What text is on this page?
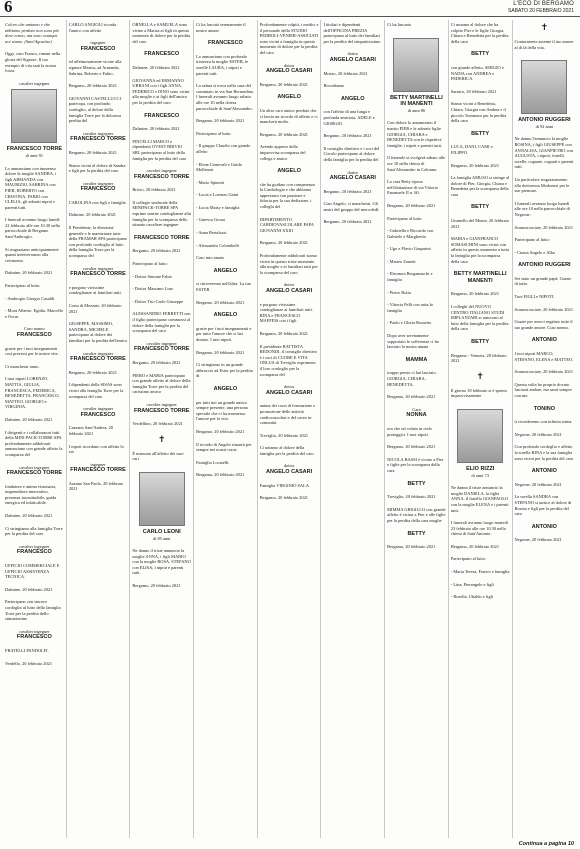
6	L'ECO DI BERGAMO
SABATO 20 FEBBRAIO 2021
Coloro che amiamo e che abbiamo perduto non sono più dove erano, ma sono ovunque noi siamo. (Sant'Agostino)
Oggi, caro Franco, rimani nella gloria del Signore. Il tuo esempio di vita sarà la nostra forza.
cavalier ingegner
FRANCESCO TORRE
di anni 91
Lo annunciano con immenso dolore la moglie SANDRA, i figli ARMANDA con MAURIZIO, SABRINA con PIER, ROBERTO con CRISTINA, FABIO con CLELIA, gli adorati nipoti e parenti tutti.
I funerali avranno luogo lunedì 22 febbraio alle ore 10.30 nella parrocchiale di Bergamo Sant'Ambrogio.
Si ringraziano anticipatamente quanti interverranno alla cerimonia.
Dalmine, 20 febbraio 2021
Partecipano al lutto:
- Ambrogio Giorgio Casaldi
- Mora Alberto, Egidia, Marcello e Oscar
Caro nonno
FRANCESCO
grazie per i tuoi insegnamenti così preziosi per le nostre vite.
Ci mancherai tanto.
I tuoi nipoti LORENZO, MATTIA, GIULIA, FRANCESCA, FEDERICA, BENEDETTA, FRANCESCO, MATTEO, GIORGIO e VIRGINIA.
Dalmine, 20 febbraio 2021
I dirigenti e i collaboratori tutti della MINI PACK-TORRE SPA profondamente addolorati annunciano con grande affetto la scomparsa del
cavalier ingegner
FRANCESCO TORRE
fondatore e anima visionaria, imprenditore innovativo, presenza insostituibile, guida energica ed infaticabile.
Dalmine, 20 febbraio 2021
Ci stringiamo alla famiglia Torre per la perdita del caro
cavalier ingegner
FRANCESCO
UFFICIO COMMERCIALE E UFFICIO ASSISTENZA TECNICA.
Dalmine, 20 febbraio 2021
Partecipano con sincero cordoglio al lutto della famiglia Torre per la perdita dello stimatissimo
cavalier ingegner
FRANCESCO
FRATELLI PANDOLFI.
Verdello, 20 febbraio 2021
CARLO ANGIOLI ricorda l'amico con affetto
ingegner
FRANCESCO
ed affettuosamente vicino alla signora Marisa, ad Armanda, Sabrina, Roberto e Fabio.
Bergamo, 20 febbraio 2021
GIOVANNI CASTELLUCCI partecipa, con profondo cordoglio, al dolore della famiglia Torre per la dolorosa perdita del
cavalier ingegner
FRANCESCO TORRE
Bergamo, 20 febbraio 2021
Siamo vicini al dolore di Sandra e figli per la perdita del caro
cavalier ingegner
FRANCESCO
CAROLINA con figli e famiglie.
Dalmine, 20 febbraio 2021
Il Presidente, la direzione generale e le maestranze tutte della FRAMAR SPA partecipano con profondo cordoglio al lutto della famiglia Torre per la scomparsa del
cavalier ingegner
FRANCESCO TORRE
e porgono vivissime condoglianze ai familiari tutti.
Costa di Mezzate, 20 febbraio 2021
GIUSEPPE, MASSIMO, SANDRA, MICHELE partecipano al dolore dei familiari per la perdita dell'amico
cavalier ingegner
FRANCESCO TORRE
Bergamo, 20 febbraio 2021
I dipendenti della SISAS sono vicini alla famiglia Torre per la scomparsa del caro
cavalier ingegner
FRANCESCO
Cazzano Sant'Andrea, 20 febbraio 2021
I nipoti ricordano con affetto lo zio
ingegner
FRANCESCO TORRE
Azzano San Paolo, 20 febbraio 2021
ORNELLA e SAMUELA sono vicine a Marisa ai figli in questo momento di dolore per la perdita del caro
FRANCESCO
Dalmine, 20 febbraio 2021
GIOVANNA ed ERMANNO URBANI con i figli ANNA, FEDERICO e DINO sono vicini alla moglie e ai figli dell'amico per la perdita del caro
FRANCESCO
Dalmine, 20 febbraio 2021
PINCELLI MARCO e dipendenti OVEST BRIVIO SRL partecipano al lutto della famiglia per la perdita del caro
cavalier ingegner
FRANCESCO TORRE
Brivio, 20 febbraio 2021
Il collegio sindacale della MINIPACK-TORRE SPA esprime sentite condoglianze alla famiglia per la scomparsa dello stimato cavaliere ingegner
FRANCESCO TORRE
Bergamo, 20 febbraio 2021
Partecipano al lutto:
- Dottor Simone Fabio
- Dottor Massimo Lino
- Dottor Tito Carlo Giuseppe
ALESSANDRO FERRETTI con il figlio partecipano commossi al dolore della famiglia per la scomparsa del caro
cavalier ingegner
FRANCESCO TORRE
Bergamo, 20 febbraio 2021
PIERO e MARIA partecipano con grande affetto al dolore della famiglia Torre per la perdita del carissimo amico
cavalier ingegner
FRANCESCO TORRE
Verdellino, 20 febbraio 2021
✝
È mancato all'affetto dei suoi cari
CARLO LEONI
di 85 anni
Ne danno il triste annuncio la moglie ANNA, i figli MARIO con la moglie ROSA, STEFANO con ELISA, i nipoti e parenti tutti.
Bergamo, 20 febbraio 2021
Ci ha lasciati serenamente il nostro amato
FRANCESCO
Lo annunciano con profondo tristezza la moglie ESTER, le sorelle LAURA, i nipoti e parenti tutti.
La salma si trova nella casa del commiato in via San Bernardino. I funerali avranno luogo sabato alle ore 10 nella chiesa parrocchiale di Sant'Alessandro.
Bergamo, 20 febbraio 2021
Partecipano al lutto:
- Il gruppo Claudio con grande affetto
- Elena Carnevali e Guido Mollenari
- Mario Spinetti
- Lucia e Lorenzo Gaini
- Lucia Maisy e famiglia
- Ginevra Grossi
- Anna Bertalossi
- Alessandro Colombelli
Caro mio amato
ANGELO
ci ritroveremo nell'altra. La tua ESTER.
Bergamo, 20 febbraio 2021
ANGELO
grazie per i tuoi insegnamenti e per tutto l'amore che ci hai donato. I tuoi nipoti.
Bergamo, 20 febbraio 2021
Ci stringiamo in un grande abbraccio ad Ester per la perdita di
ANGELO
per tutti noi un grande amico sempre presente, una persona speciale che ci ha trasmesso l'amore per la vita.
Bergamo, 20 febbraio 2021
Il ricordo di Angelo rimarrà per sempre nei nostri cuori.
Famiglia Locatelli.
Bergamo, 20 febbraio 2021
Profondamente colpiti, i medici e il personale dello STUDIO PEDROLI-VENIER-ASSICIATI sono vicini a famiglia in questo momento di dolore per la perdita del caro
dottor
ANGELO CASARI
Bergamo, 20 febbraio 2021
ANGELO
Un altro caro amico perduto che ci lascia un ricordo di affetto e ci mancherà molto.
Bergamo, 20 febbraio 2021
Avendo appreso della improvvisa scomparsa del collega e amico
ANGELO
che ha guidato con competenza la Cardiologia e che abbiamo apprezzato con passione e fiducia per la sua dedizione, i colleghi del
DIPARTIMENTO CARDIOVASCOLARE PAPA GIOVANNI XXIII
Bergamo, 20 febbraio 2021
Profondamente addolorati siamo vicini in questo triste momento alla moglie e ai familiari tutti per la scomparsa del caro
dottor
ANGELO CASARI
e porgono vivissime condoglianze ai familiari tutti. RINA e FRANCESCO MAFFEIS con i figli.
Bergamo, 20 febbraio 2021
Il presidente BATTISTA REDONDI, il consiglio direttivo e i soci di CUORE E VITA ONLUS di Treviglio esprimono il loro cordoglio per la scomparsa del
dottor
ANGELO CASARI
anima dei corsi di formazione e promozione delle attività cardiovascolari e del cuore in comunità.
Treviglio, 20 febbraio 2021
Ci uniamo al dolore della famiglia per la perdita del caro
dottor
ANGELO CASARI
Famiglia VIRGINIO SALA.
Bergamo, 20 febbraio 2021
I titolari e dipendenti dell'OFFICINA PREZIA partecipano al lutto dei familiari per la perdita del simpaticissimo
dottor
ANGELO CASARI
Mozzo, 20 febbraio 2021
Ricordiamo
ANGELO
con l'affetto di una lunga e profonda amicizia. ADELE e GIORGIO.
Bergamo, 20 febbraio 2021
Il consiglio direttivo e i soci del Circolo partecipano al dolore della famiglia per la perdita del
dottor
ANGELO CASARI
Bergamo, 20 febbraio 2021
Ciao Angelo, ci mancherai. Gli amici del gruppo del mercoledì.
Bergamo, 20 febbraio 2021
Ci ha lasciato
BETTY MARTINELLI IN MANENTI
di anni 86
Con dolore lo annunciano il marito PIER e le adorate figlie GIORGIA, CHIARA e BENEDETTA con le rispettive famiglie, i nipoti e parenti tutti.
Il funerale si svolgerà sabato alle ore 10 nella chiesa di Sant'Alessandro in Colonna.
La cara Betty riposa nell'abitazione di via Vittorio Emanuele II n. 60.
Bergamo, 20 febbraio 2021
Partecipano al lutto:
- Gabriella e Riccardo con Gabriele e Margherita
- Ugo e Flavio Gasparini
- Matteo Zanetti
- Eleonora Bergamaschi e famiglia
- Pietro Botta
- Vittoria Pelli con tutta la famiglia
- Paolo e Gloria Rossetto
Dopo aver serenamente sopportato le sofferenze ci ha lasciato la nostra amata
MAMMA
troppo presto ci hai lasciato. GIORGIA, CHIARA, BENEDETTA.
Bergamo, 20 febbraio 2021
Cara
NONNA
ora che sei volata in cielo proteggici. I tuoi nipoti.
Bergamo, 20 febbraio 2021
NICOLA BASSI è vicino a Pier e figlie per la scomparsa della cara
BETTY
Treviglio, 20 febbraio 2021
MIMMA GRIGILLO con grande affetto è vicina a Pier e alle figlie per la perdita della cara moglie
BETTY
Bergamo, 20 febbraio 2021
Ci uniamo al dolore che ha colpito Pier e le figlie Giorgia, Chiara e Benedetta per la perdita della cara
BETTY
con grande affetto, SERGIO e NADIA con ANDREA e FEDERICA.
Sarnico, 20 febbraio 2021
Siamo vicini a Benedetta, Chiara, Giorgia con Andrea e il piccolo Tommaso per la perdita della cara
BETTY
LUCA, DANI, CAMI e FILIPPO.
Bergamo, 20 febbraio 2021
La famiglia AMUSO si stringe al dolore di Pier, Giorgia, Chiara e Benedetta per la scomparsa della cara
BETTY
Grumello del Monte, 20 febbraio 2021
MARIA e GIANFRANCO SOMASCHINI sono vicini con affetto in questo momento a tutta la famiglia per la scomparsa della cara
BETTY MARTINELLI MANENTI
Bergamo, 20 febbraio 2021
I colleghi del NUOVO CENTRO ITALIANO STUDI IMPLANTARI si uniscono al lutto della famiglia per la perdita della cara
BETTY
Bergamo - Venezia, 20 febbraio 2021
✝
Il giorno 18 febbraio si è spento improvvisamente
ELIO RIZZI
di anni 73
Ne danno il triste annuncio la moglie DANIELA, la figlia ANNA, il fratello GIANPAOLO con la moglie ELENA e i parenti tutti.
I funerali avranno luogo martedì 23 febbraio alle ore 10.30 nella chiesa di Sant'Antonio.
Bergamo, 20 febbraio 2021
Partecipano al lutto:
- Maria Teresa, Franco e famiglia
- Lina, Pierangelo e figli
- Rosella, Ubaldo e figli
✝
Contornerete assente il tuo amore al di là della vita.
ANTONIO RUGGERI
di 92 anni
Ne danno l'annuncio la moglie ROSINA, i figli GIUSEPPE con ANNALISA, GIANPIETRO con AUGUSTA, i nipoti, fratelli, sorelle, cognate, cognati e parenti tutti.
Un particolare ringraziamento alla dottoressa Modonesi per le sue premure.
I funerali avranno luogo lunedì alle ore 10 nella parrocchiale di Negrone.
Scanzorosciate, 20 febbraio 2021
Partecipano al lutto:
- Cinzia Angelo e Alba
ANTONIO RUGGERI
Sei stato un grande papà. Grazie di tutto.
Tuoi FIGLI e NIPOTI.
Scanzorosciate, 20 febbraio 2021
Grazie per averci regalato tutto il tuo grande amore. Ciao nonno.
ANTONIO
I tuoi nipoti MARCO, STEFANO, ELENA e MATTEO.
Scanzorosciate, 20 febbraio 2021
Questa volta ho proprio dovuto lasciarti andare, ma sarai sempre con me.
TONINO
ti ricorderemo con infinita stima.
Negrone, 20 febbraio 2021
Con profondo cordoglio e affetto la sorella RINA e la sua famiglia sono vicini per la perdita del caro
ANTONIO
Negrone, 20 febbraio 2021
La sorella SANDRA con STEFANO si unisce al dolore di Rosina e figli per la perdita del caro
ANTONIO
Negrone, 20 febbraio 2021
Continua a pagina 10
